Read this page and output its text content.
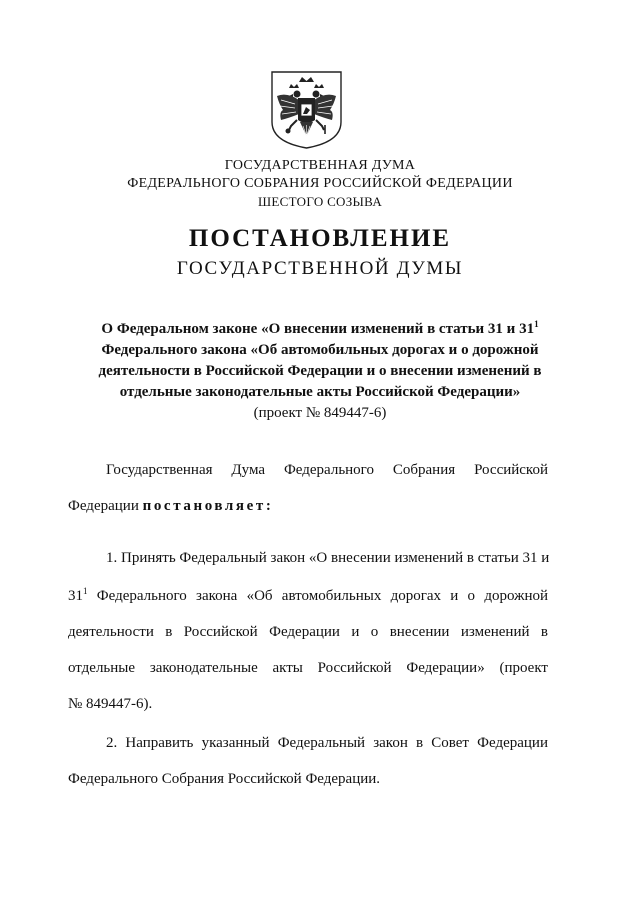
ГОСУДАРСТВЕННАЯ ДУМА
ФЕДЕРАЛЬНОГО СОБРАНИЯ РОССИЙСКОЙ ФЕДЕРАЦИИ
ШЕСТОГО СОЗЫВА
ПОСТАНОВЛЕНИЕ
ГОСУДАРСТВЕННОЙ ДУМЫ
О Федеральном законе «О внесении изменений в статьи 31 и $31^1$
Федерального закона «Об автомобильных дорогах и о дорожной
деятельности в Российской Федерации и о внесении изменений в
отдельные законодательные акты Российской Федерации»
(проект № 849447-6)
Государственная Дума Федерального Собрания Российской
Федерации постановляет:
1. Принять Федеральный закон «О внесении изменений в статьи 31 и
$31^1$ Федерального закона «Об автомобильных дорогах и о дорожной
деятельности в Российской Федерации и о внесении изменений в
отдельные законодательные акты Российской Федерации» (проект
№ 849447-6).
2. Направить указанный Федеральный закон в Совет Федерации
Федерального Собрания Российской Федерации.
